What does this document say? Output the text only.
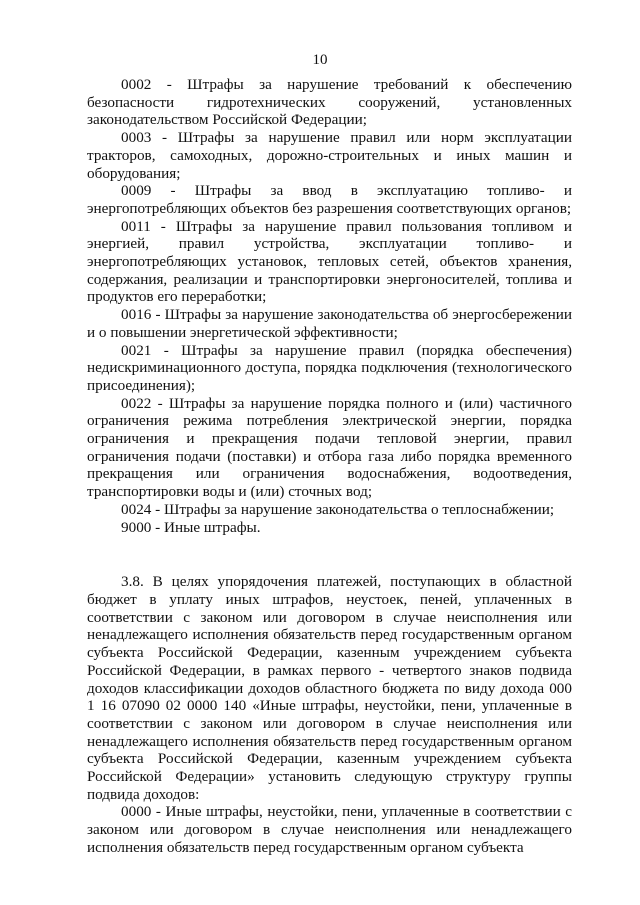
10

0002 - Штрафы за нарушение требований к обеспечению безопасности гидротехнических сооружений, установленных законодательством Российской Федерации;

0003 - Штрафы за нарушение правил или норм эксплуатации тракторов, самоходных, дорожно-строительных и иных машин и оборудования;

0009 - Штрафы за ввод в эксплуатацию топливо- и энергопотребляющих объектов без разрешения соответствующих органов;

0011 - Штрафы за нарушение правил пользования топливом и энергией, правил устройства, эксплуатации топливо- и энергопотребляющих установок, тепловых сетей, объектов хранения, содержания, реализации и транспортировки энергоносителей, топлива и продуктов его переработки;

0016 - Штрафы за нарушение законодательства об энергосбережении и о повышении энергетической эффективности;

0021 - Штрафы за нарушение правил (порядка обеспечения) недискриминационного доступа, порядка подключения (технологического присоединения);

0022 - Штрафы за нарушение порядка полного и (или) частичного ограничения режима потребления электрической энергии, порядка ограничения и прекращения подачи тепловой энергии, правил ограничения подачи (поставки) и отбора газа либо порядка временного прекращения или ограничения водоснабжения, водоотведения, транспортировки воды и (или) сточных вод;

0024 - Штрафы за нарушение законодательства о теплоснабжении;

9000 - Иные штрафы.

3.8. В целях упорядочения платежей, поступающих в областной бюджет в уплату иных штрафов, неустоек, пеней, уплаченных в соответствии с законом или договором в случае неисполнения или ненадлежащего исполнения обязательств перед государственным органом субъекта Российской Федерации, казенным учреждением субъекта Российской Федерации, в рамках первого - четвертого знаков подвида доходов классификации доходов областного бюджета по виду дохода 000 1 16 07090 02 0000 140 «Иные штрафы, неустойки, пени, уплаченные в соответствии с законом или договором в случае неисполнения или ненадлежащего исполнения обязательств перед государственным органом субъекта Российской Федерации, казенным учреждением субъекта Российской Федерации» установить следующую структуру группы подвида доходов:

0000 - Иные штрафы, неустойки, пени, уплаченные в соответствии с законом или договором в случае неисполнения или ненадлежащего исполнения обязательств перед государственным органом субъекта
